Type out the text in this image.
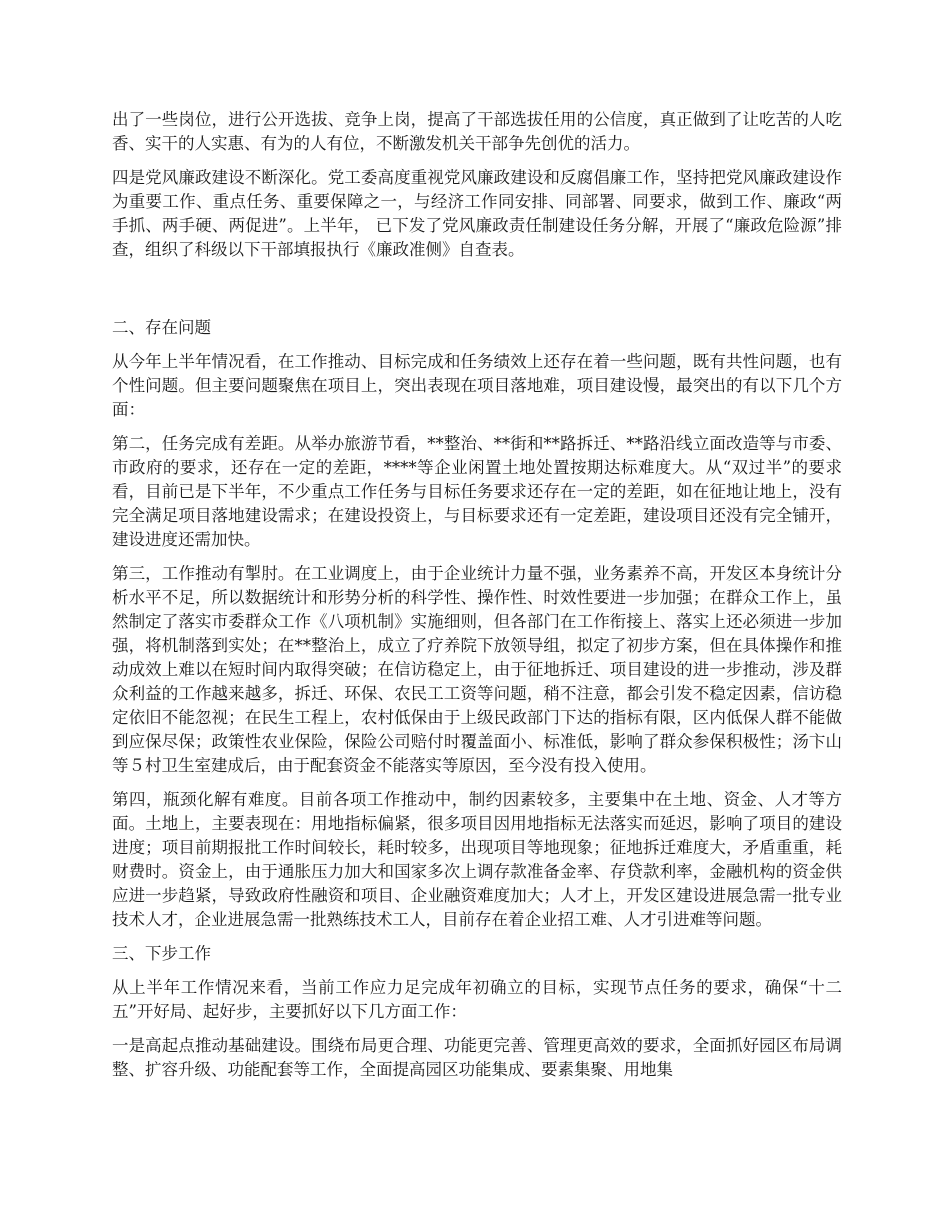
出了一些岗位，进行公开选拔、竞争上岗，提高了干部选拔任用的公信度，真正做到了让吃苦的人吃香、实干的人实惠、有为的人有位，不断激发机关干部争先创优的活力。

四是党风廉政建设不断深化。党工委高度重视党风廉政建设和反腐倡廉工作，坚持把党风廉政建设作为重要工作、重点任务、重要保障之一，与经济工作同安排、同部署、同要求，做到工作、廉政“两手抓、两手硬、两促进”。上半年， 已下发了党风廉政责任制建设任务分解，开展了“廉政危险源”排查，组织了科级以下干部填报执行《廉政准侧》自查表。

二、存在问题

从今年上半年情况看，在工作推动、目标完成和任务绩效上还存在着一些问题，既有共性问题，也有个性问题。但主要问题聚焦在项目上，突出表现在项目落地难，项目建设慢，最突出的有以下几个方面：

第二，任务完成有差距。从举办旅游节看，**整治、**街和**路拆迁、**路沿线立面改造等与市委、市政府的要求，还存在一定的差距，****等企业闲置土地处置按期达标难度大。从“双过半”的要求看，目前已是下半年，不少重点工作任务与目标任务要求还存在一定的差距，如在征地让地上，没有完全满足项目落地建设需求；在建设投资上，与目标要求还有一定差距，建设项目还没有完全铺开，建设进度还需加快。

第三，工作推动有掣肘。在工业调度上，由于企业统计力量不强，业务素养不高，开发区本身统计分析水平不足，所以数据统计和形势分析的科学性、操作性、时效性要进一步加强；在群众工作上，虽然制定了落实市委群众工作《八项机制》实施细则，但各部门在工作衔接上、落实上还必须进一步加强，将机制落到实处；在**整治上，成立了疗养院下放领导组，拟定了初步方案，但在具体操作和推动成效上难以在短时间内取得突破；在信访稳定上，由于征地拆迁、项目建设的进一步推动，涉及群众利益的工作越来越多，拆迁、环保、农民工工资等问题，稍不注意，都会引发不稳定因素，信访稳定依旧不能忽视；在民生工程上，农村低保由于上级民政部门下达的指标有限，区内低保人群不能做到应保尽保；政策性农业保险，保险公司赔付时覆盖面小、标准低，影响了群众参保积极性；汤卞山等５村卫生室建成后，由于配套资金不能落实等原因，至今没有投入使用。

第四，瓶颈化解有难度。目前各项工作推动中，制约因素较多，主要集中在土地、资金、人才等方面。土地上，主要表现在：用地指标偏紧，很多项目因用地指标无法落实而延迟，影响了项目的建设进度；项目前期报批工作时间较长，耗时较多，出现项目等地现象；征地拆迁难度大，矛盾重重，耗财费时。资金上，由于通胀压力加大和国家多次上调存款准备金率、存贷款利率，金融机构的资金供应进一步趋紧，导致政府性融资和项目、企业融资难度加大；人才上，开发区建设进展急需一批专业技术人才，企业进展急需一批熟练技术工人，目前存在着企业招工难、人才引进难等问题。

三、下步工作

从上半年工作情况来看，当前工作应力足完成年初确立的目标，实现节点任务的要求，确保“十二五”开好局、起好步，主要抓好以下几方面工作：

一是高起点推动基础建设。围绕布局更合理、功能更完善、管理更高效的要求，全面抓好园区布局调整、扩容升级、功能配套等工作，全面提高园区功能集成、要素集聚、用地集
